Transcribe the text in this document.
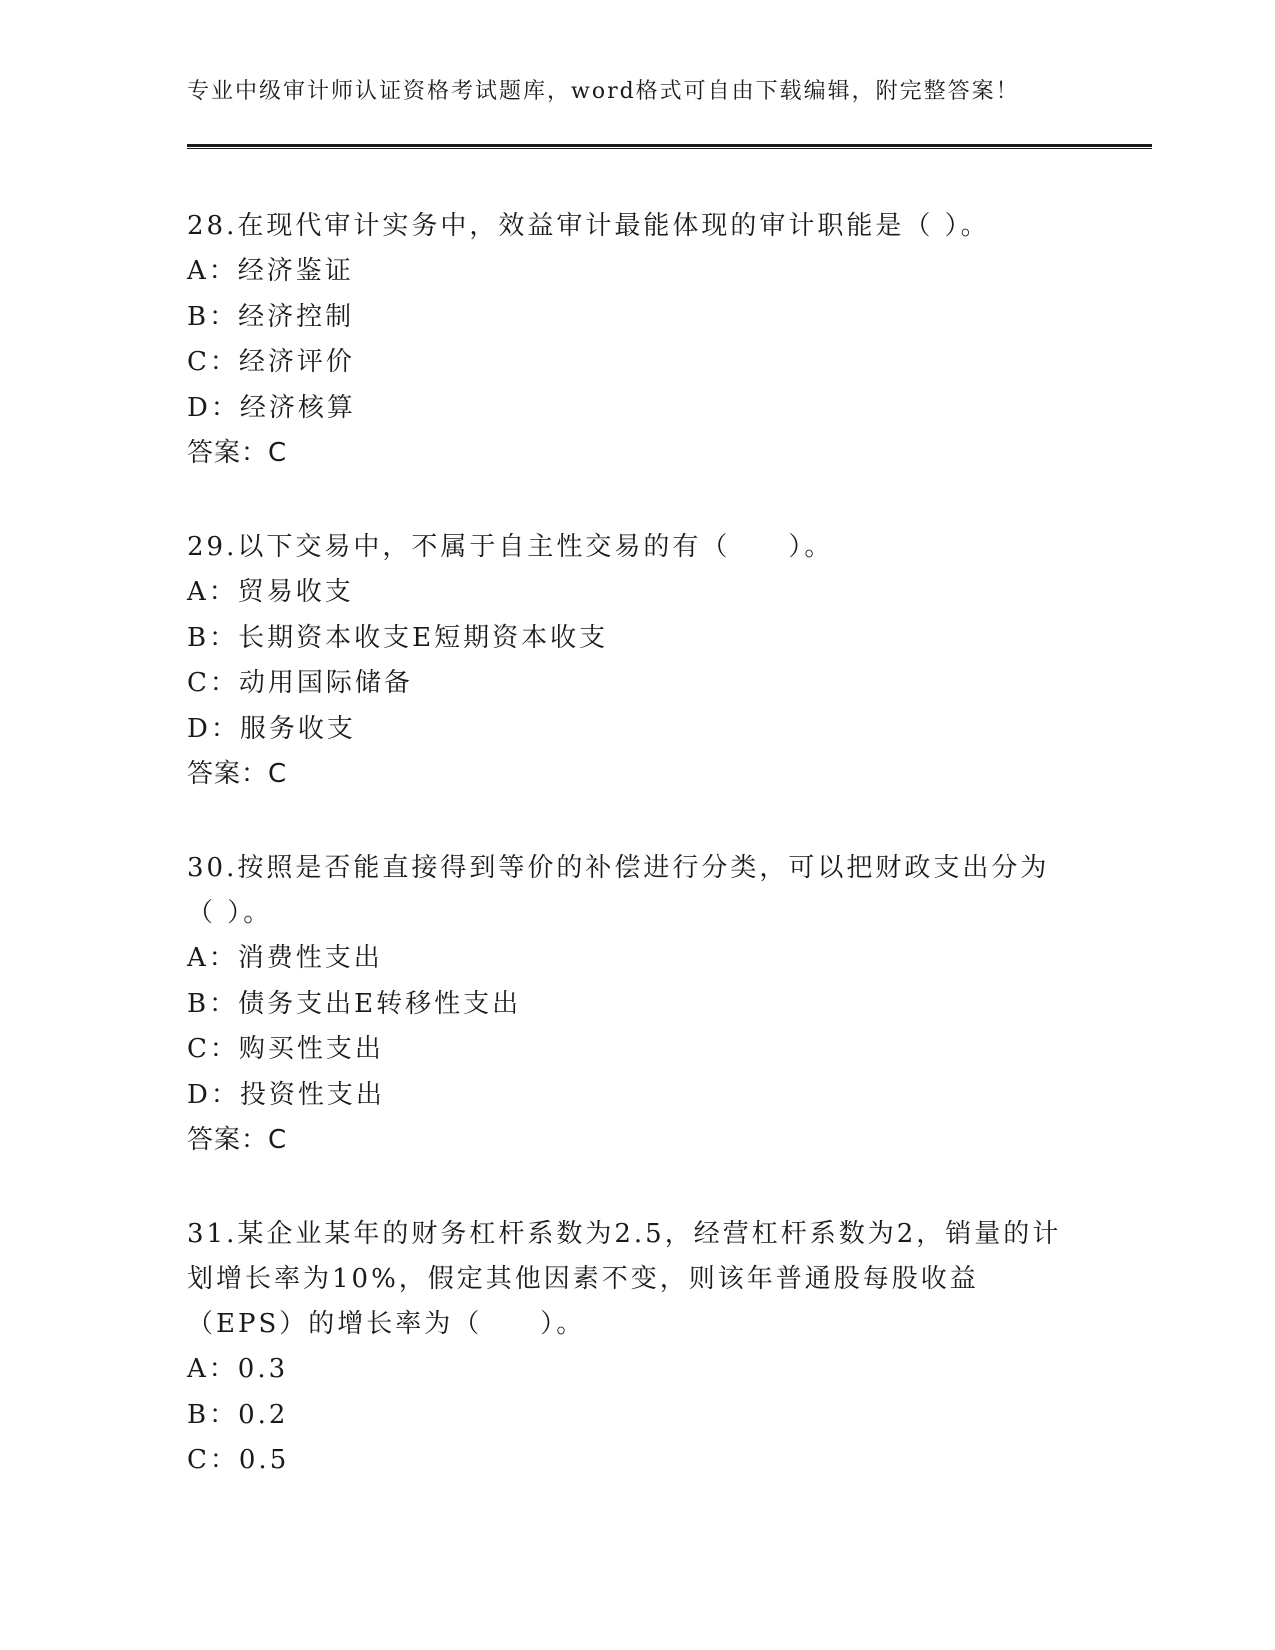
专业中级审计师认证资格考试题库，word格式可自由下载编辑，附完整答案！
28.在现代审计实务中，效益审计最能体现的审计职能是（ ）。
A：经济鉴证
B：经济控制
C：经济评价
D：经济核算
答案：C
29.以下交易中，不属于自主性交易的有（　　）。
A：贸易收支
B：长期资本收支E短期资本收支
C：动用国际储备
D：服务收支
答案：C
30.按照是否能直接得到等价的补偿进行分类，可以把财政支出分为（ ）。
A：消费性支出
B：债务支出E转移性支出
C：购买性支出
D：投资性支出
答案：C
31.某企业某年的财务杠杆系数为2.5，经营杠杆系数为2，销量的计划增长率为10%，假定其他因素不变，则该年普通股每股收益（EPS）的增长率为（　　）。
A：0.3
B：0.2
C：0.5
